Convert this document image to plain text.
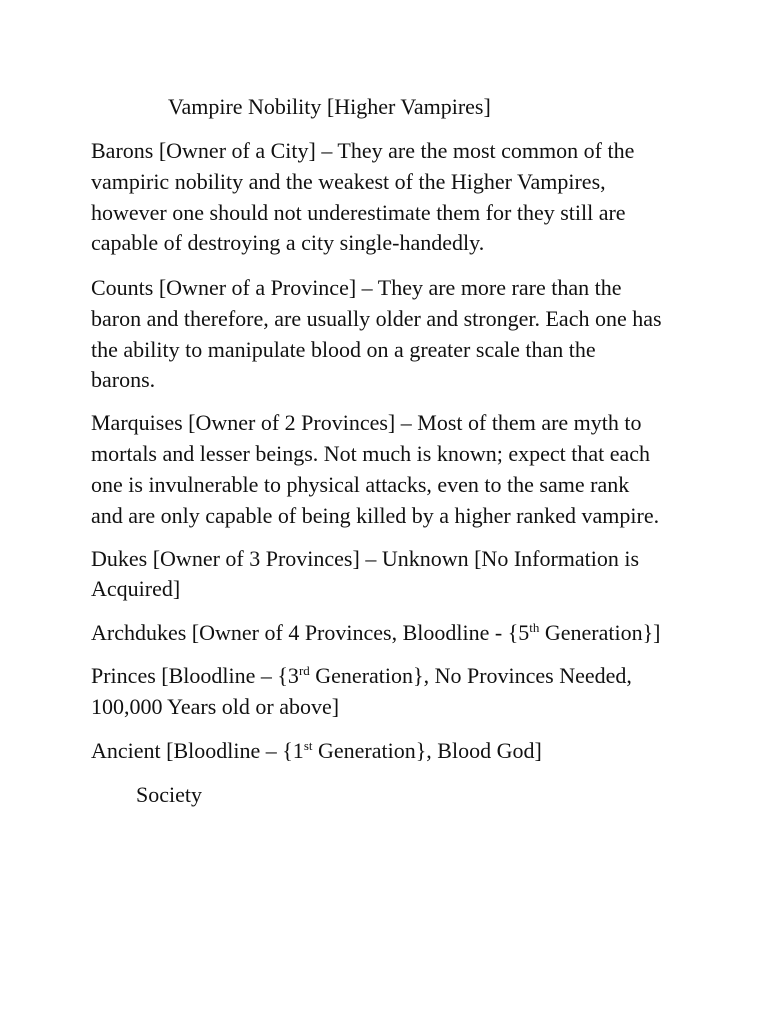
Vampire Nobility [Higher Vampires]

Barons [Owner of a City] – They are the most common of the

vampiric nobility and the weakest of the Higher Vampires,

however one should not underestimate them for they still are

capable of destroying a city single-handedly.

Counts [Owner of a Province] – They are more rare than the

baron and therefore, are usually older and stronger. Each one has

the ability to manipulate blood on a greater scale than the

barons.

Marquises [Owner of 2 Provinces] – Most of them are myth to

mortals and lesser beings. Not much is known; expect that each

one is invulnerable to physical attacks, even to the same rank

and are only capable of being killed by a higher ranked vampire.

Dukes [Owner of 3 Provinces] – Unknown [No Information is

Acquired]

Archdukes [Owner of 4 Provinces, Bloodline - {5th Generation}]

Princes [Bloodline – {3rd Generation}, No Provinces Needed,

100,000 Years old or above]

Ancient [Bloodline – {1st Generation}, Blood God]

Society
